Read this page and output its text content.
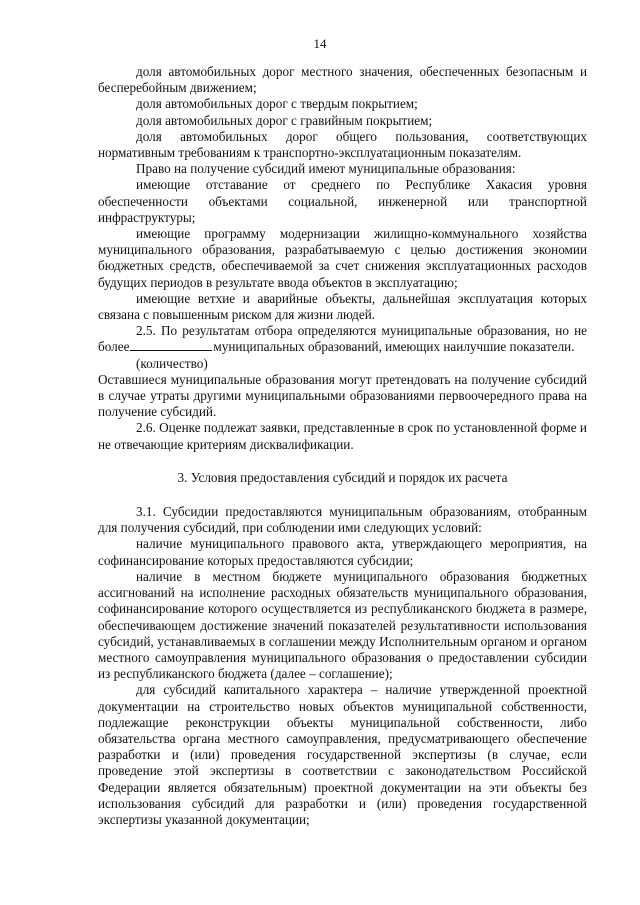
14

доля автомобильных дорог местного значения, обеспеченных безопасным и бесперебойным движением;

доля автомобильных дорог с твердым покрытием;

доля автомобильных дорог с гравийным покрытием;

доля автомобильных дорог общего пользования, соответствующих нормативным требованиям к транспортно-эксплуатационным показателям.

Право на получение субсидий имеют муниципальные образования:

имеющие отставание от среднего по Республике Хакасия уровня обеспеченности объектами социальной, инженерной или транспортной инфраструктуры;

имеющие программу модернизации жилищно-коммунального хозяйства муниципального образования, разрабатываемую с целью достижения экономии бюджетных средств, обеспечиваемой за счет снижения эксплуатационных расходов будущих периодов в результате ввода объектов в эксплуатацию;

имеющие ветхие и аварийные объекты, дальнейшая эксплуатация которых связана с повышенным риском для жизни людей.

2.5. По результатам отбора определяются муниципальные образования, но не
более	муниципальных образований, имеющих наилучшие показатели.

(количество)

Оставшиеся муниципальные образования могут претендовать на получение субсидий в случае утраты другими муниципальными образованиями первоочередного права на получение субсидий.

2.6. Оценке подлежат заявки, представленные в срок по установленной форме и не отвечающие критериям дисквалификации.

3. Условия предоставления субсидий и порядок их расчета

3.1. Субсидии предоставляются муниципальным образованиям, отобранным для получения субсидий, при соблюдении ими следующих условий:

наличие муниципального правового акта, утверждающего мероприятия, на софинансирование которых предоставляются субсидии;

наличие в местном бюджете муниципального образования бюджетных ассигнований на исполнение расходных обязательств муниципального образования, софинансирование которого осуществляется из республиканского бюджета в размере, обеспечивающем достижение значений показателей результативности использования субсидий, устанавливаемых в соглашении между Исполнительным органом и органом местного самоуправления муниципального образования о предоставлении субсидии из республиканского бюджета (далее – соглашение);

для субсидий капитального характера – наличие утвержденной проектной документации на строительство новых объектов муниципальной собственности, подлежащие реконструкции объекты муниципальной собственности, либо обязательства органа местного самоуправления, предусматривающего обеспечение разработки и (или) проведения государственной экспертизы (в случае, если проведение этой экспертизы в соответствии с законодательством Российской Федерации является обязательным) проектной документации на эти объекты без использования субсидий для разработки и (или) проведения государственной экспертизы указанной документации;
